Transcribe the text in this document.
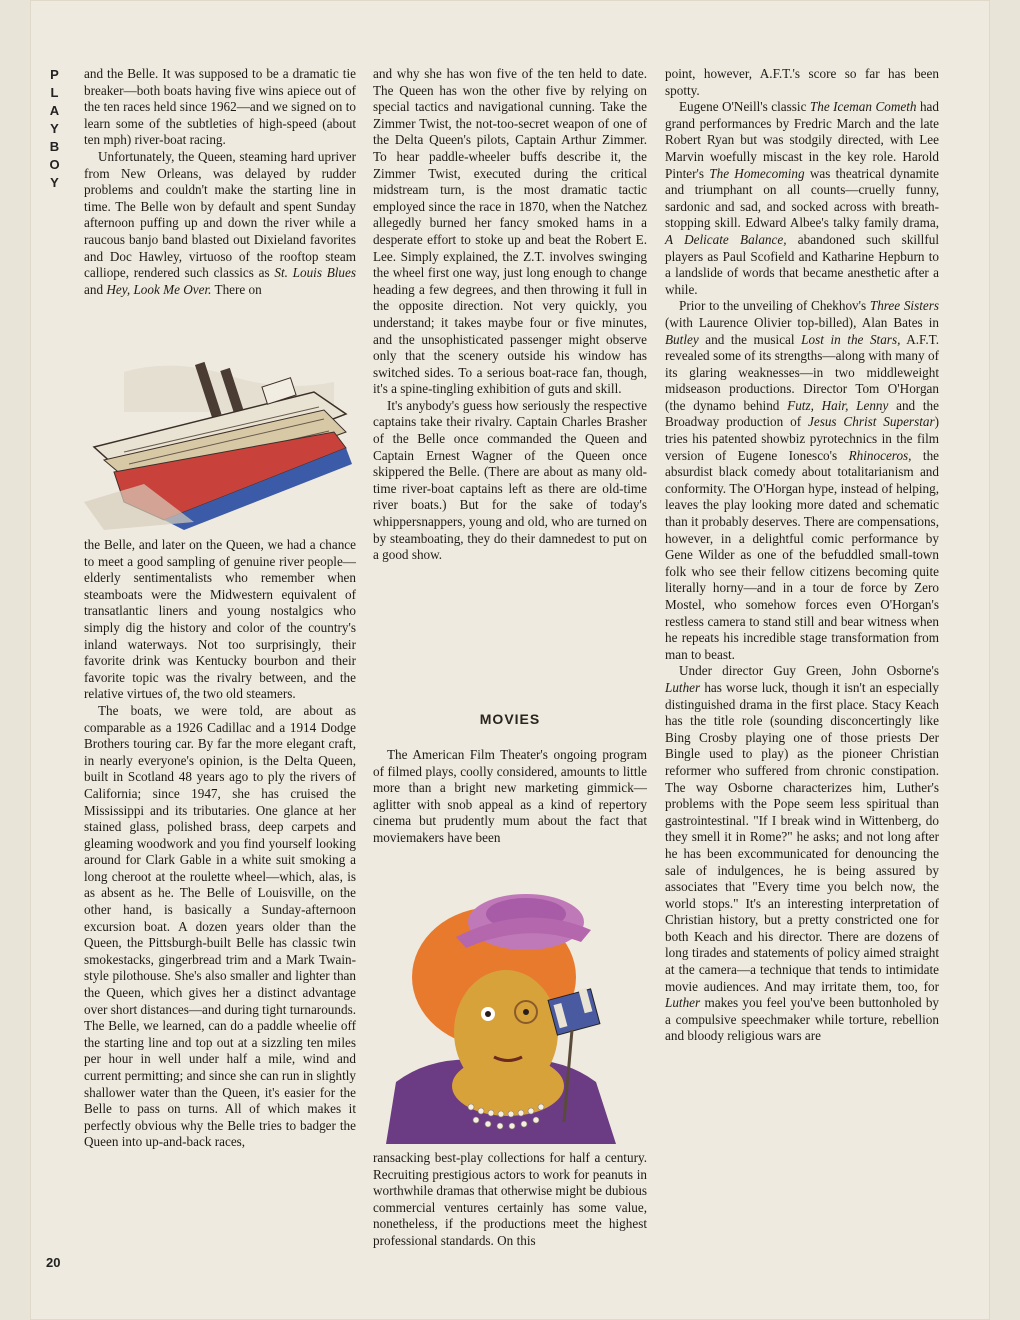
P
L
A
Y
B
O
Y
20

and the Belle. It was supposed to be a dramatic tie breaker—both boats having five wins apiece out of the ten races held since 1962—and we signed on to learn some of the subtleties of high-speed (about ten mph) river-boat racing.

Unfortunately, the Queen, steaming hard upriver from New Orleans, was delayed by rudder problems and couldn't make the starting line in time. The Belle won by default and spent Sunday afternoon puffing up and down the river while a raucous banjo band blasted out Dixieland favorites and Doc Hawley, virtuoso of the rooftop steam calliope, rendered such classics as St. Louis Blues and Hey, Look Me Over. There on

the Belle, and later on the Queen, we had a chance to meet a good sampling of genuine river people—elderly sentimentalists who remember when steamboats were the Midwestern equivalent of transatlantic liners and young nostalgics who simply dig the history and color of the country's inland waterways. Not too surprisingly, their favorite drink was Kentucky bourbon and their favorite topic was the rivalry between, and the relative virtues of, the two old steamers.

The boats, we were told, are about as comparable as a 1926 Cadillac and a 1914 Dodge Brothers touring car. By far the more elegant craft, in nearly everyone's opinion, is the Delta Queen, built in Scotland 48 years ago to ply the rivers of California; since 1947, she has cruised the Mississippi and its tributaries. One glance at her stained glass, polished brass, deep carpets and gleaming woodwork and you find yourself looking around for Clark Gable in a white suit smoking a long cheroot at the roulette wheel—which, alas, is as absent as he. The Belle of Louisville, on the other hand, is basically a Sunday-afternoon excursion boat. A dozen years older than the Queen, the Pittsburgh-built Belle has classic twin smokestacks, gingerbread trim and a Mark Twain-style pilothouse. She's also smaller and lighter than the Queen, which gives her a distinct advantage over short distances—and during tight turnarounds. The Belle, we learned, can do a paddle wheelie off the starting line and top out at a sizzling ten miles per hour in well under half a mile, wind and current permitting; and since she can run in slightly shallower water than the Queen, it's easier for the Belle to pass on turns. All of which makes it perfectly obvious why the Belle tries to badger the Queen into up-and-back races,

and why she has won five of the ten held to date. The Queen has won the other five by relying on special tactics and navigational cunning. Take the Zimmer Twist, the not-too-secret weapon of one of the Delta Queen's pilots, Captain Arthur Zimmer. To hear paddle-wheeler buffs describe it, the Zimmer Twist, executed during the critical midstream turn, is the most dramatic tactic employed since the race in 1870, when the Natchez allegedly burned her fancy smoked hams in a desperate effort to stoke up and beat the Robert E. Lee. Simply explained, the Z.T. involves swinging the wheel first one way, just long enough to change heading a few degrees, and then throwing it full in the opposite direction. Not very quickly, you understand; it takes maybe four or five minutes, and the unsophisticated passenger might observe only that the scenery outside his window has switched sides. To a serious boat-race fan, though, it's a spine-tingling exhibition of guts and skill.

It's anybody's guess how seriously the respective captains take their rivalry. Captain Charles Brasher of the Belle once commanded the Queen and Captain Ernest Wagner of the Queen once skippered the Belle. (There are about as many old-time river-boat captains left as there are old-time river boats.) But for the sake of today's whippersnappers, young and old, who are turned on by steamboating, they do their damnedest to put on a good show.

MOVIES

The American Film Theater's ongoing program of filmed plays, coolly considered, amounts to little more than a bright new marketing gimmick—aglitter with snob appeal as a kind of repertory cinema but prudently mum about the fact that moviemakers have been

ransacking best-play collections for half a century. Recruiting prestigious actors to work for peanuts in worthwhile dramas that otherwise might be dubious commercial ventures certainly has some value, nonetheless, if the productions meet the highest professional standards. On this

point, however, A.F.T.'s score so far has been spotty.

Eugene O'Neill's classic The Iceman Cometh had grand performances by Fredric March and the late Robert Ryan but was stodgily directed, with Lee Marvin woefully miscast in the key role. Harold Pinter's The Homecoming was theatrical dynamite and triumphant on all counts—cruelly funny, sardonic and sad, and socked across with breath-stopping skill. Edward Albee's talky family drama, A Delicate Balance, abandoned such skillful players as Paul Scofield and Katharine Hepburn to a landslide of words that became anesthetic after a while.

Prior to the unveiling of Chekhov's Three Sisters (with Laurence Olivier top-billed), Alan Bates in Butley and the musical Lost in the Stars, A.F.T. revealed some of its strengths—along with many of its glaring weaknesses—in two middleweight midseason productions. Director Tom O'Horgan (the dynamo behind Futz, Hair, Lenny and the Broadway production of Jesus Christ Superstar) tries his patented showbiz pyrotechnics in the film version of Eugene Ionesco's Rhinoceros, the absurdist black comedy about totalitarianism and conformity. The O'Horgan hype, instead of helping, leaves the play looking more dated and schematic than it probably deserves. There are compensations, however, in a delightful comic performance by Gene Wilder as one of the befuddled small-town folk who see their fellow citizens becoming quite literally horny—and in a tour de force by Zero Mostel, who somehow forces even O'Horgan's restless camera to stand still and bear witness when he repeats his incredible stage transformation from man to beast.

Under director Guy Green, John Osborne's Luther has worse luck, though it isn't an especially distinguished drama in the first place. Stacy Keach has the title role (sounding disconcertingly like Bing Crosby playing one of those priests Der Bingle used to play) as the pioneer Christian reformer who suffered from chronic constipation. The way Osborne characterizes him, Luther's problems with the Pope seem less spiritual than gastrointestinal. "If I break wind in Wittenberg, do they smell it in Rome?" he asks; and not long after he has been excommunicated for denouncing the sale of indulgences, he is being assured by associates that "Every time you belch now, the world stops." It's an interesting interpretation of Christian history, but a pretty constricted one for both Keach and his director. There are dozens of long tirades and statements of policy aimed straight at the camera—a technique that tends to intimidate movie audiences. And may irritate them, too, for Luther makes you feel you've been buttonholed by a compulsive speechmaker while torture, rebellion and bloody religious wars are
